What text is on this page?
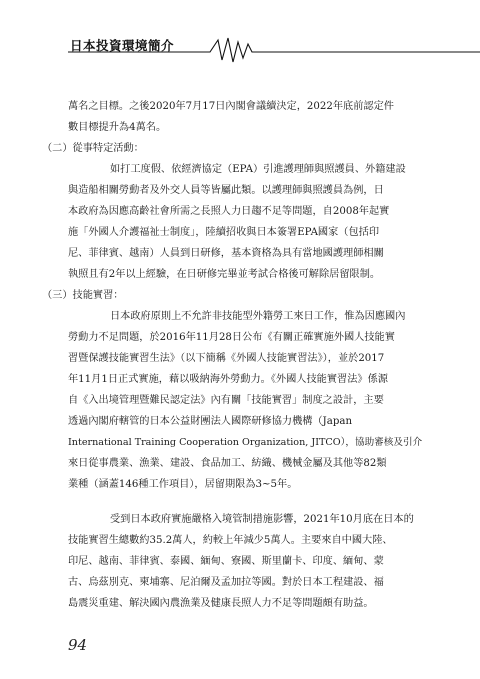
日本投資環境簡介
萬名之目標。之後2020年7月17日內閣會議續決定，2022年底前認定件
數目標提升為4萬名。
（二）從事特定活動：
如打工度假、依經濟協定（EPA）引進護理師與照護員、外籍建設
與造船相關勞動者及外交人員等皆屬此類。以護理師與照護員為例，日
本政府為因應高齡社會所需之長照人力日趨不足等問題，自2008年起實
施「外國人介護福祉士制度」，陸續招收與日本簽署EPA國家（包括印
尼、菲律賓、越南）人員到日研修，基本資格為具有當地國護理師相關
執照且有2年以上經驗，在日研修完畢並考試合格後可解除居留限制。
（三）技能實習：
日本政府原則上不允許非技能型外籍勞工來日工作，惟為因應國內
勞動力不足問題，於2016年11月28日公布《有關正確實施外國人技能實
習暨保護技能實習生法》（以下簡稱《外國人技能實習法》），並於2017
年11月1日正式實施，藉以吸納海外勞動力。《外國人技能實習法》係源
自《入出境管理暨難民認定法》內有關「技能實習」制度之設計，主要
透過內閣府轄管的日本公益財團法人國際研修協力機構（Japan
International Training Cooperation Organization, JITCO），協助審核及引介
來日從事農業、漁業、建設、食品加工、紡織、機械金屬及其他等82類
業種（涵蓋146種工作項目），居留期限為3~5年。
受到日本政府實施嚴格入境管制措施影響，2021年10月底在日本的
技能實習生總數約35.2萬人，約較上年減少5萬人。主要來自中國大陸、
印尼、越南、菲律賓、泰國、緬甸、寮國、斯里蘭卡、印度、緬甸、蒙
古、烏茲別克、柬埔寨、尼泊爾及孟加拉等國。對於日本工程建設、福
島震災重建、解決國內農漁業及健康長照人力不足等問題頗有助益。
94
